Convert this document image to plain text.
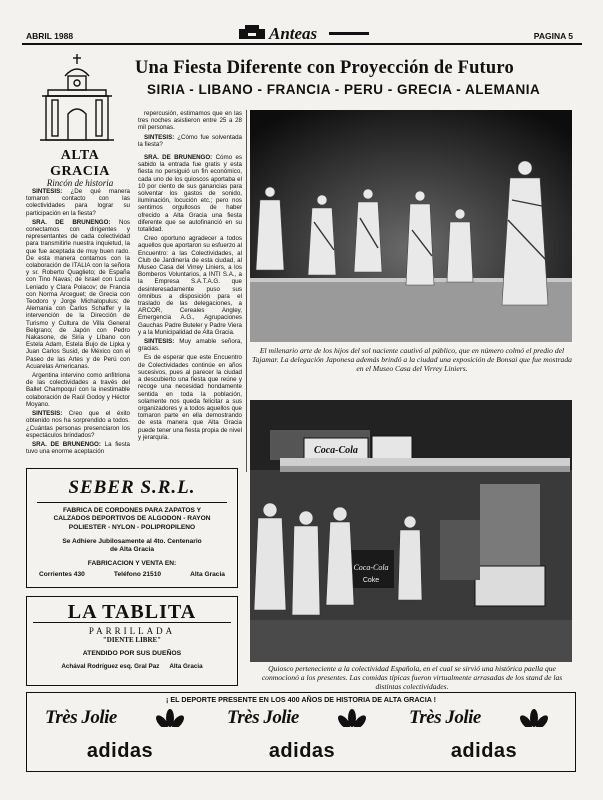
ABRIL 1988	Anteas	PAGINA 5
ALTA GRACIA
Rincón de historia
Una Fiesta Diferente con Proyección de Futuro
SIRIA - LIBANO - FRANCIA - PERU - GRECIA - ALEMANIA

SINTESIS: ¿De qué manera tomaron contacto con las colectividades para lograr su participación en la fiesta?

SRA. DE BRUNENGO: Nos conectamos con dirigentes y representantes de cada colectividad para transmitirle nuestra inquietud, la que fue aceptada de muy buen rado. De esta manera contamos con la colaboración de ITALIA con la señora y sr. Roberto Quaglieto; de España con Tino Navas; de Israel con Lucía Leniado y Clara Polacov; de Francia con Norma Arceguet; de Grecia con Teodoro y Jorge Michalopulus; de Alemania con Carlos Schaffer y la intervención de la Dirección de Turismo y Cultura de Villa General Belgrano; de Japón con Pedro Nakasone, de Siria y Líbano con Estela Adam, Estela Bujo de Lipka y Juan Carlos Susid, de México con el Paseo de las Artes y de Perú con Acuarelas Americanas.

Argentina intervino como anfitriona de las colectividades a través del Ballet Champoquí con la inestimable colaboración de Raúl Godoy y Héctor Moyano.

SINTESIS: Creo que el éxito obtenido nos ha sorprendido a todos. ¿Cuántas personas presenciaron los espectáculos brindados?

SRA. DE BRUNENGO: La fiesta tuvo una enorme aceptación

repercusión, estimamos que en las tres noches asistieron entre 25 a 28 mil personas.

SINTESIS: ¿Cómo fue solventada la fiesta?

SRA. DE BRUNENGO: Cómo es sabido la entrada fue gratis y esta fiesta no persiguió un fin económico, cada uno de los quioscos aportaba el 10 por ciento de sus ganancias para solventar los gastos de sonido, iluminación, locución etc.; pero nos sentimos orgullosos de haber ofrecido a Alta Gracia una fiesta diferente que se autofinanció en su totalidad.

Creo oportuno agradecer a todos aquellos que aportaron su esfuerzo al Encuentro: a las Colectividades, al Club de Jardinería de esta ciudad, al Museo Casa del Virrey Liniers, a los Bomberos Voluntarios, a INTI S.A., a la Empresa S.A.T.A.G. que desinteresadamente puso sus ómnibus a disposición para el traslado de las delegaciones, a ARCOR, Cereales Angley, Emergencia A.G., Agrupaciones Gauchas Padre Buteler y Padre Viera y a la Municipalidad de Alta Gracia.

SINTESIS: Muy amable señora, gracias.

Es de esperar que este Encuentro de Colectividades continúe en años sucesivos, pues al parecer la ciudad a descubierto una fiesta que reúne y recoge una necesidad hondamente sentida en toda la población, solamente nos queda felicitar a sus organizadores y a todos aquellos que tomaron parte en ella demostrando de esta manera que Alta Gracia puede tener una fiesta propia de nivel y jerarquía.

El milenario arte de los hijos del sol naciente cautivó al público, que en número colmó el predio del Tajamar. La delegación Japonesa además brindó a la ciudad una exposición de Bonsai que fue mostrada en el Museo Casa del Virrey Liniers.
Coca-Cola
Coca-Cola
Coke
Quiosco perteneciente a la colectividad Española, en el cual se sirvió una histórica paella que conmocionó a los presentes. Las comidas típicas fueron virtualmente arrasadas de los stand de las distintas colectividades.
SEBER S.R.L.
FABRICA DE CORDONES PARA ZAPATOS Y
CALZADOS DEPORTIVOS DE ALGODON - RAYON
POLIESTER - NYLON - POLIPROPILENO
Se Adhiere Jubilosamente al 4to. Centenario
de Alta Gracia
FABRICACION Y VENTA EN:
Corrientes 430	Teléfono 21510	Alta Gracia
LA TABLITA
PARRILLADA
"DIENTE LIBRE"
ATENDIDO POR SUS DUEÑOS
Achával Rodríguez esq. Gral Paz Alta Gracia
¡ EL DEPORTE PRESENTE EN LOS 400 AÑOS DE HISTORIA DE ALTA GRACIA !
Très Jolie
adidas
Très Jolie
adidas
Très Jolie
adidas
